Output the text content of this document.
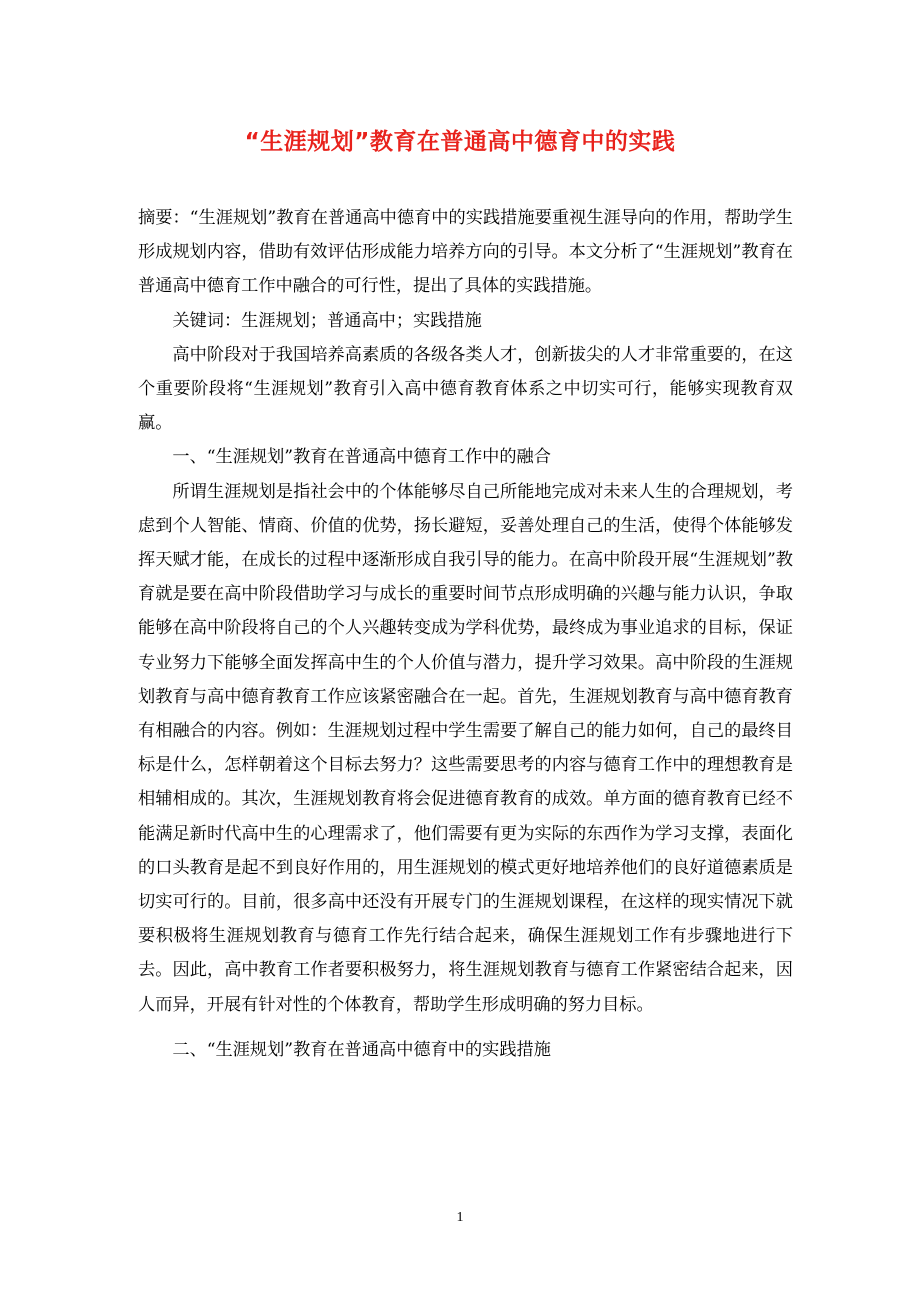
“生涯规划”教育在普通高中德育中的实践

摘要：“生涯规划”教育在普通高中德育中的实践措施要重视生涯导向的作用，帮助学生形成规划内容，借助有效评估形成能力培养方向的引导。本文分析了“生涯规划”教育在普通高中德育工作中融合的可行性，提出了具体的实践措施。

关键词：生涯规划；普通高中；实践措施

高中阶段对于我国培养高素质的各级各类人才，创新拔尖的人才非常重要的，在这个重要阶段将“生涯规划”教育引入高中德育教育体系之中切实可行，能够实现教育双赢。

一、“生涯规划”教育在普通高中德育工作中的融合

所谓生涯规划是指社会中的个体能够尽自己所能地完成对未来人生的合理规划，考虑到个人智能、情商、价值的优势，扬长避短，妥善处理自己的生活，使得个体能够发挥天赋才能，在成长的过程中逐渐形成自我引导的能力。在高中阶段开展“生涯规划”教育就是要在高中阶段借助学习与成长的重要时间节点形成明确的兴趣与能力认识，争取能够在高中阶段将自己的个人兴趣转变成为学科优势，最终成为事业追求的目标，保证专业努力下能够全面发挥高中生的个人价值与潜力，提升学习效果。高中阶段的生涯规划教育与高中德育教育工作应该紧密融合在一起。首先，生涯规划教育与高中德育教育有相融合的内容。例如：生涯规划过程中学生需要了解自己的能力如何，自己的最终目标是什么，怎样朝着这个目标去努力？这些需要思考的内容与德育工作中的理想教育是相辅相成的。其次，生涯规划教育将会促进德育教育的成效。单方面的德育教育已经不能满足新时代高中生的心理需求了，他们需要有更为实际的东西作为学习支撑，表面化的口头教育是起不到良好作用的，用生涯规划的模式更好地培养他们的良好道德素质是切实可行的。目前，很多高中还没有开展专门的生涯规划课程，在这样的现实情况下就要积极将生涯规划教育与德育工作先行结合起来，确保生涯规划工作有步骤地进行下去。因此，高中教育工作者要积极努力，将生涯规划教育与德育工作紧密结合起来，因人而异，开展有针对性的个体教育，帮助学生形成明确的努力目标。

二、“生涯规划”教育在普通高中德育中的实践措施

1
